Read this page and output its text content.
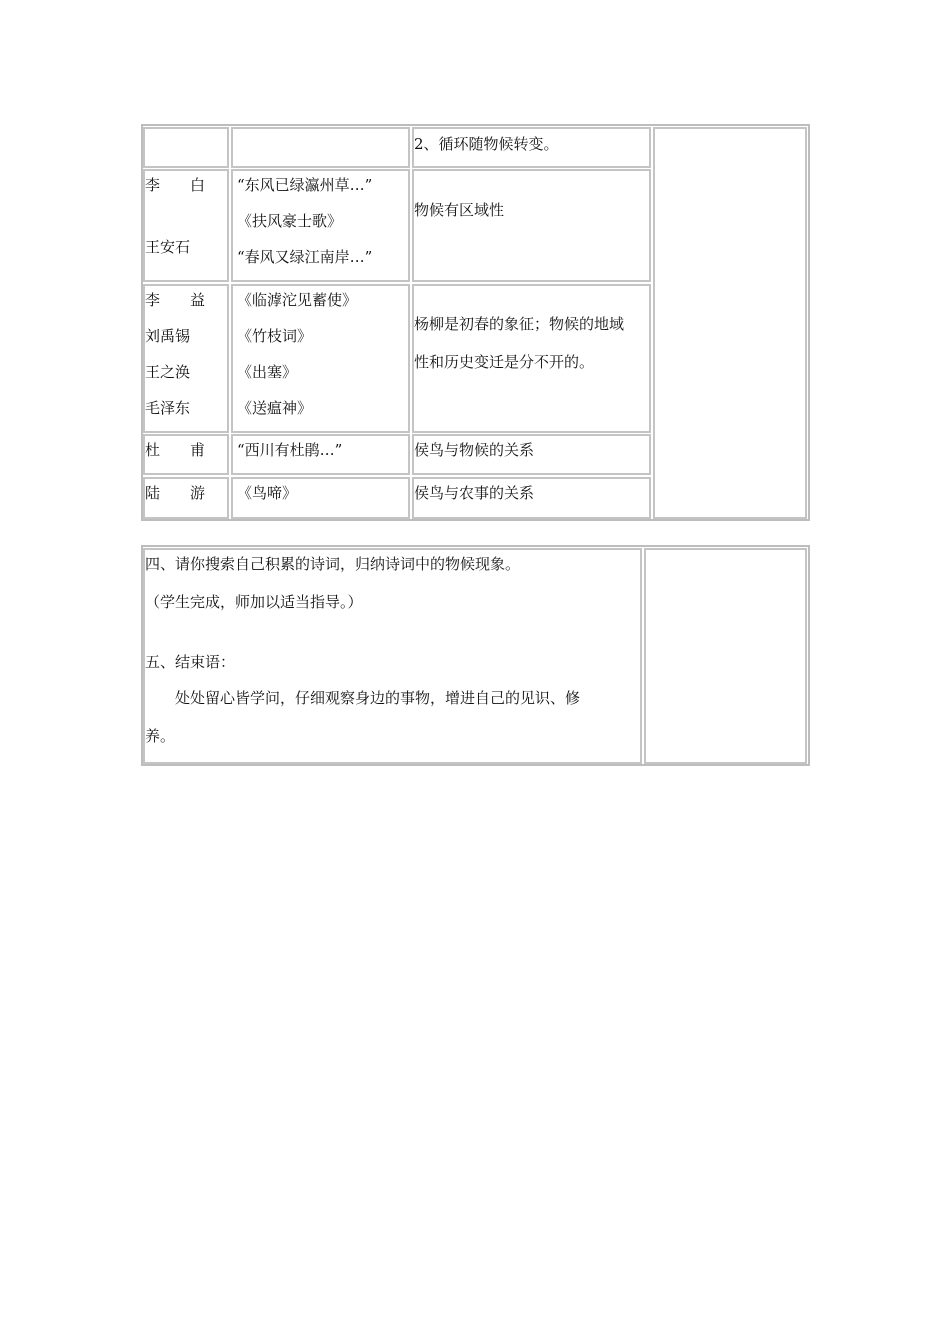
2、循环随物候转变。
李　　白
王安石
“东风已绿瀛州草…”
《扶风豪士歌》
“春风又绿江南岸…”
物候有区域性
李　　益
刘禹锡
王之涣
毛泽东
《临滹沱见蓄使》
《竹枝词》
《出塞》
《送瘟神》
杨柳是初春的象征；物候的地域
性和历史变迁是分不开的。
杜　　甫 “西川有杜鹃…”	侯鸟与物候的关系
陆　　游 《鸟啼》	侯鸟与农事的关系
四、请你搜索自己积累的诗词，归纳诗词中的物候现象。
（学生完成，师加以适当指导。）
五、结束语：
　　处处留心皆学问，仔细观察身边的事物，增进自己的见识、修
养。
